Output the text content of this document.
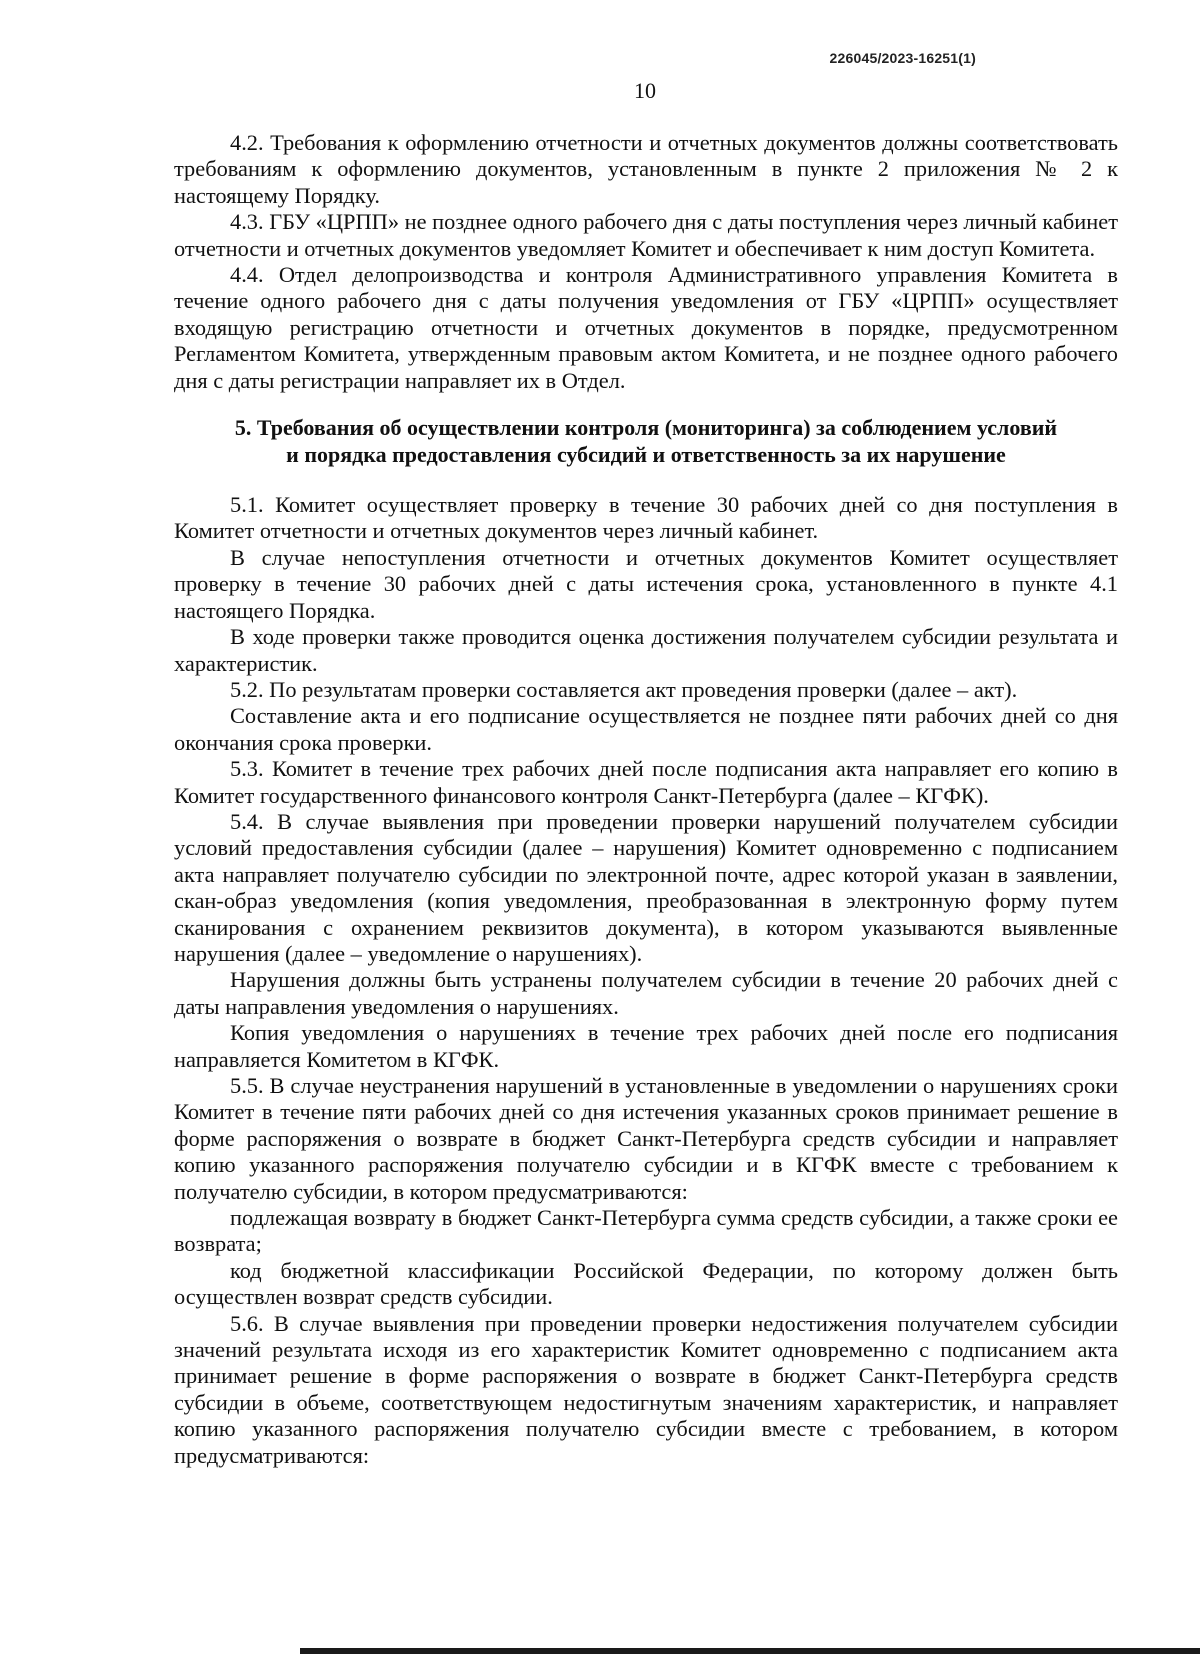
226045/2023-16251(1)
10

4.2. Требования к оформлению отчетности и отчетных документов должны соответствовать требованиям к оформлению документов, установленным в пункте 2 приложения № 2 к настоящему Порядку.

4.3. ГБУ «ЦРПП» не позднее одного рабочего дня с даты поступления через личный кабинет отчетности и отчетных документов уведомляет Комитет и обеспечивает к ним доступ Комитета.

4.4. Отдел делопроизводства и контроля Административного управления Комитета в течение одного рабочего дня с даты получения уведомления от ГБУ «ЦРПП» осуществляет входящую регистрацию отчетности и отчетных документов в порядке, предусмотренном Регламентом Комитета, утвержденным правовым актом Комитета, и не позднее одного рабочего дня с даты регистрации направляет их в Отдел.

5. Требования об осуществлении контроля (мониторинга) за соблюдением условий
и порядка предоставления субсидий и ответственность за их нарушение

5.1. Комитет осуществляет проверку в течение 30 рабочих дней со дня поступления в Комитет отчетности и отчетных документов через личный кабинет.

В случае непоступления отчетности и отчетных документов Комитет осуществляет проверку в течение 30 рабочих дней с даты истечения срока, установленного в пункте 4.1 настоящего Порядка.

В ходе проверки также проводится оценка достижения получателем субсидии результата и характеристик.

5.2. По результатам проверки составляется акт проведения проверки (далее – акт).

Составление акта и его подписание осуществляется не позднее пяти рабочих дней со дня окончания срока проверки.

5.3. Комитет в течение трех рабочих дней после подписания акта направляет его копию в Комитет государственного финансового контроля Санкт-Петербурга (далее – КГФК).

5.4. В случае выявления при проведении проверки нарушений получателем субсидии условий предоставления субсидии (далее – нарушения) Комитет одновременно с подписанием акта направляет получателю субсидии по электронной почте, адрес которой указан в заявлении, скан-образ уведомления (копия уведомления, преобразованная в электронную форму путем сканирования с охранением реквизитов документа), в котором указываются выявленные нарушения (далее – уведомление о нарушениях).

Нарушения должны быть устранены получателем субсидии в течение 20 рабочих дней с даты направления уведомления о нарушениях.

Копия уведомления о нарушениях в течение трех рабочих дней после его подписания направляется Комитетом в КГФК.

5.5. В случае неустранения нарушений в установленные в уведомлении о нарушениях сроки Комитет в течение пяти рабочих дней со дня истечения указанных сроков принимает решение в форме распоряжения о возврате в бюджет Санкт-Петербурга средств субсидии и направляет копию указанного распоряжения получателю субсидии и в КГФК вместе с требованием к получателю субсидии, в котором предусматриваются:

подлежащая возврату в бюджет Санкт-Петербурга сумма средств субсидии, а также сроки ее возврата;

код бюджетной классификации Российской Федерации, по которому должен быть осуществлен возврат средств субсидии.

5.6. В случае выявления при проведении проверки недостижения получателем субсидии значений результата исходя из его характеристик Комитет одновременно с подписанием акта принимает решение в форме распоряжения о возврате в бюджет Санкт-Петербурга средств субсидии в объеме, соответствующем недостигнутым значениям характеристик, и направляет копию указанного распоряжения получателю субсидии вместе с требованием, в котором предусматриваются:
